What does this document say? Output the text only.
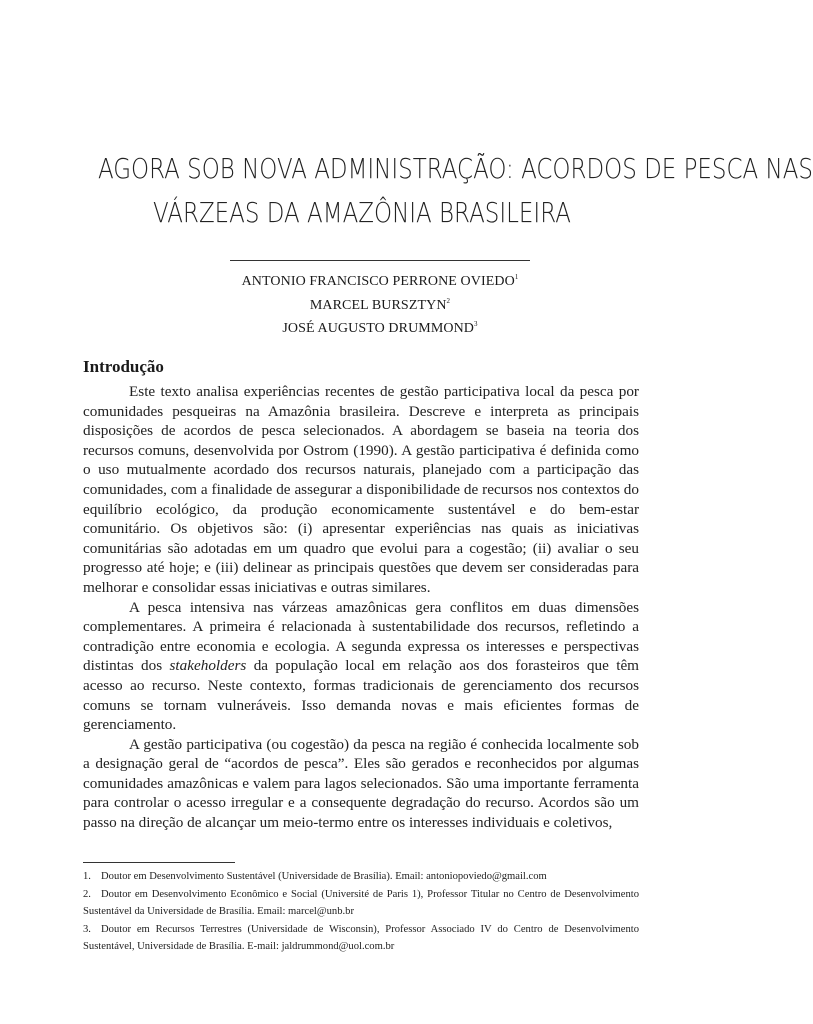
AGORA SOB NOVA ADMINISTRAÇÃO: ACORDOS DE PESCA NAS
VÁRZEAS DA AMAZÔNIA BRASILEIRA
ANTONIO FRANCISCO PERRONE OVIEDO$^1$
MARCEL BURSZTYN$^2$
JOSÉ AUGUSTO DRUMMOND$^3$
Introdução

Este texto analisa experiências recentes de gestão participativa local da pesca por comunidades pesqueiras na Amazônia brasileira. Descreve e interpreta as principais disposições de acordos de pesca selecionados. A abordagem se baseia na teoria dos recursos comuns, desenvolvida por Ostrom (1990). A gestão participativa é definida como o uso mutualmente acordado dos recursos naturais, planejado com a participação das comunidades, com a finalidade de assegurar a disponibilidade de recursos nos contextos do equilíbrio ecológico, da produção economicamente sustentável e do bem-estar comunitário. Os objetivos são: (i) apresentar experiências nas quais as iniciativas comunitárias são adotadas em um quadro que evolui para a cogestão; (ii) avaliar o seu progresso até hoje; e (iii) delinear as principais questões que devem ser consideradas para melhorar e consolidar essas iniciativas e outras similares.

A pesca intensiva nas várzeas amazônicas gera conflitos em duas dimensões complementares. A primeira é relacionada à sustentabilidade dos recursos, refletindo a contradição entre economia e ecologia. A segunda expressa os interesses e perspectivas distintas dos stakeholders da população local em relação aos dos forasteiros que têm acesso ao recurso. Neste contexto, formas tradicionais de gerenciamento dos recursos comuns se tornam vulneráveis. Isso demanda novas e mais eficientes formas de gerenciamento.

A gestão participativa (ou cogestão) da pesca na região é conhecida localmente sob a designação geral de “acordos de pesca”. Eles são gerados e reconhecidos por algumas comunidades amazônicas e valem para lagos selecionados. São uma importante ferramenta para controlar o acesso irregular e a consequente degradação do recurso. Acordos são um passo na direção de alcançar um meio-termo entre os interesses individuais e coletivos,

1. Doutor em Desenvolvimento Sustentável (Universidade de Brasília). Email: antoniopoviedo@gmail.com
2. Doutor em Desenvolvimento Econômico e Social (Université de Paris 1), Professor Titular no Centro de Desenvolvimento Sustentável da Universidade de Brasília. Email: marcel@unb.br
3. Doutor em Recursos Terrestres (Universidade de Wisconsin), Professor Associado IV do Centro de Desenvolvimento Sustentável, Universidade de Brasília. E-mail: jaldrummond@uol.com.br
